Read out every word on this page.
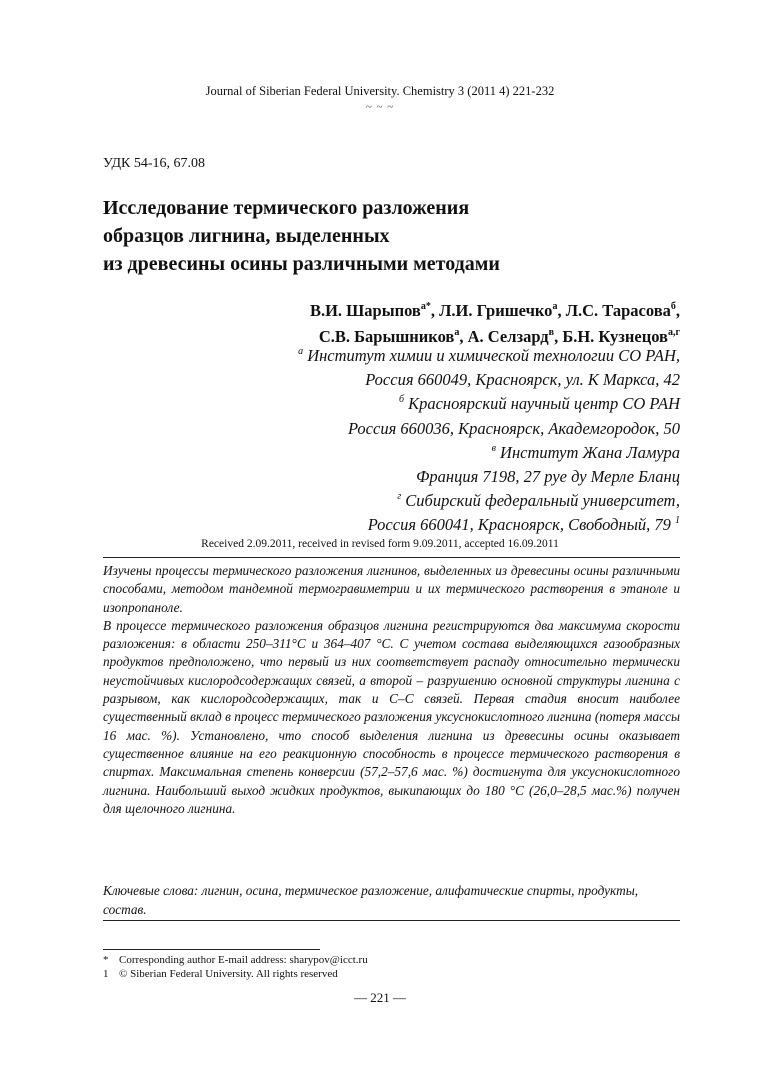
Journal of Siberian Federal University. Chemistry 3 (2011 4) 221-232
~ ~ ~
УДК 54-16, 67.08
Исследование термического разложения
образцов лигнина, выделенных
из древесины осины различными методами
В.И. Шарыпов$^{а*}$, Л.И. Гришечко$^а$, Л.С. Тарасова$^б$,
С.В. Барышников$^а$, А. Селзард$^в$, Б.Н. Кузнецов$^{а,г}$
$^а$ Институт химии и химической технологии СО РАН,
Россия 660049, Красноярск, ул. К Маркса, 42
$^б$ Красноярский научный центр СО РАН
Россия 660036, Красноярск, Академгородок, 50
$^в$ Институт Жана Ламура
Франция 7198, 27 руе ду Мерле Бланц
$^г$ Сибирский федеральный университет,
Россия 660041, Красноярск, Свободный, 79 $^1$
Received 2.09.2011, received in revised form 9.09.2011, accepted 16.09.2011

Изучены процессы термического разложения лигнинов, выделенных из древесины осины различными способами, методом тандемной термогравиметрии и их термического растворения в этаноле и изопропаноле.

В процессе термического разложения образцов лигнина регистрируются два максимума скорости разложения: в области 250–311°С и 364–407 °С. С учетом состава выделяющихся газообразных продуктов предположено, что первый из них соответствует распаду относительно термически неустойчивых кислородсодержащих связей, а второй – разрушению основной структуры лигнина с разрывом, как кислородсодержащих, так и С–С связей. Первая стадия вносит наиболее существенный вклад в процесс термического разложения уксуснокислотного лигнина (потеря массы 16 мас. %). Установлено, что способ выделения лигнина из древесины осины оказывает существенное влияние на его реакционную способность в процессе термического растворения в спиртах. Максимальная степень конверсии (57,2–57,6 мас. %) достигнута для уксуснокислотного лигнина. Наибольший выход жидких продуктов, выкипающих до 180 °С (26,0–28,5 мас.%) получен для щелочного лигнина.

Ключевые слова: лигнин, осина, термическое разложение, алифатические спирты, продукты, состав.
* Corresponding author E-mail address: sharypov@icct.ru
1 © Siberian Federal University. All rights reserved
— 221 —
